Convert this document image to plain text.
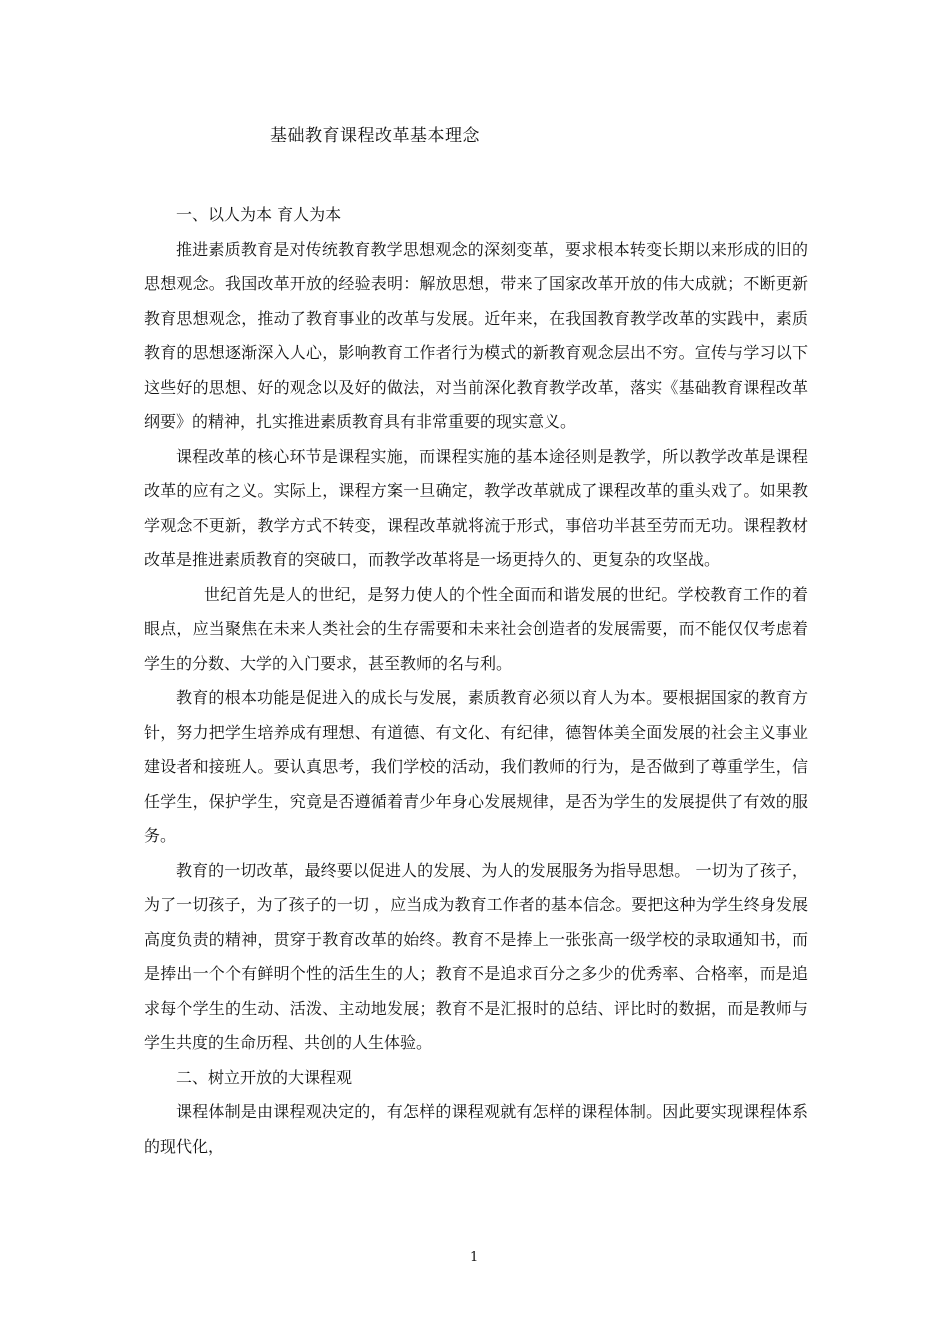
基础教育课程改革基本理念

一、以人为本 育人为本

推进素质教育是对传统教育教学思想观念的深刻变革，要求根本转变长期以来形成的旧的思想观念。我国改革开放的经验表明：解放思想，带来了国家改革开放的伟大成就；不断更新教育思想观念，推动了教育事业的改革与发展。近年来，在我国教育教学改革的实践中，素质教育的思想逐渐深入人心，影响教育工作者行为模式的新教育观念层出不穷。宣传与学习以下这些好的思想、好的观念以及好的做法，对当前深化教育教学改革，落实《基础教育课程改革纲要》的精神，扎实推进素质教育具有非常重要的现实意义。

课程改革的核心环节是课程实施，而课程实施的基本途径则是教学，所以教学改革是课程改革的应有之义。实际上，课程方案一旦确定，教学改革就成了课程改革的重头戏了。如果教学观念不更新，教学方式不转变，课程改革就将流于形式，事倍功半甚至劳而无功。课程教材改革是推进素质教育的突破口，而教学改革将是一场更持久的、更复杂的攻坚战。

世纪首先是人的世纪，是努力使人的个性全面而和谐发展的世纪。学校教育工作的着眼点，应当聚焦在未来人类社会的生存需要和未来社会创造者的发展需要，而不能仅仅考虑着学生的分数、大学的入门要求，甚至教师的名与利。

教育的根本功能是促进入的成长与发展，素质教育必须以育人为本。要根据国家的教育方针，努力把学生培养成有理想、有道德、有文化、有纪律，德智体美全面发展的社会主义事业建设者和接班人。要认真思考，我们学校的活动，我们教师的行为，是否做到了尊重学生，信任学生，保护学生，究竟是否遵循着青少年身心发展规律，是否为学生的发展提供了有效的服务。

教育的一切改革，最终要以促进人的发展、为人的发展服务为指导思想。 一切为了孩子，为了一切孩子，为了孩子的一切 ，应当成为教育工作者的基本信念。要把这种为学生终身发展高度负责的精神，贯穿于教育改革的始终。教育不是捧上一张张高一级学校的录取通知书，而是捧出一个个有鲜明个性的活生生的人；教育不是追求百分之多少的优秀率、合格率，而是追求每个学生的生动、活泼、主动地发展；教育不是汇报时的总结、评比时的数据，而是教师与学生共度的生命历程、共创的人生体验。

二、树立开放的大课程观

课程体制是由课程观决定的，有怎样的课程观就有怎样的课程体制。因此要实现课程体系的现代化，

1
